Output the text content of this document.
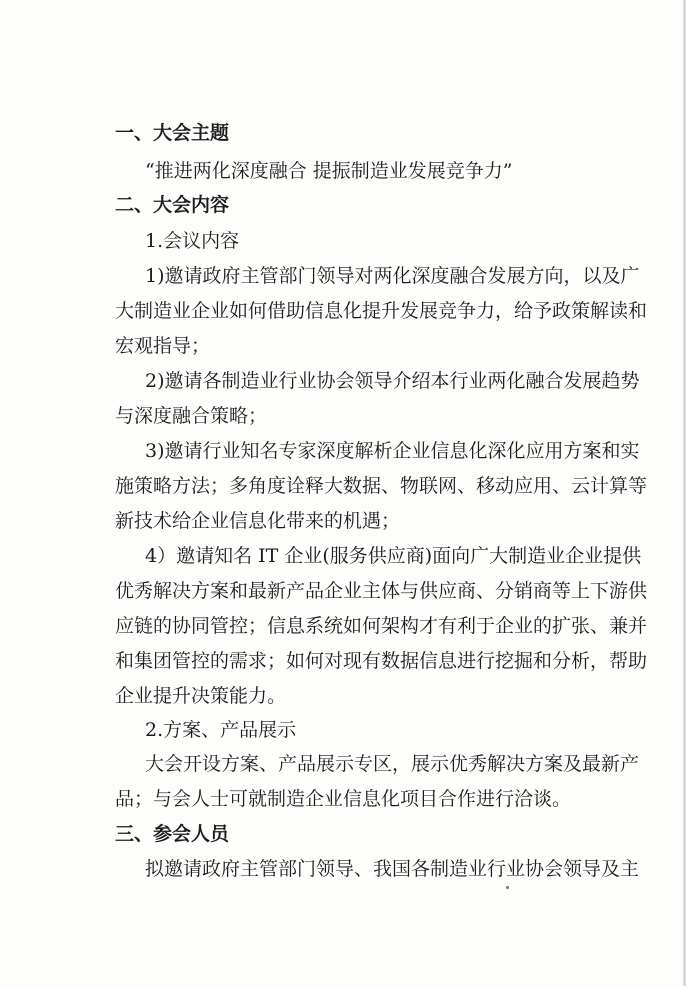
一、大会主题
“推进两化深度融合 提振制造业发展竞争力”
二、大会内容
1.会议内容
1)邀请政府主管部门领导对两化深度融合发展方向，以及广
大制造业企业如何借助信息化提升发展竞争力，给予政策解读和
宏观指导；
2)邀请各制造业行业协会领导介绍本行业两化融合发展趋势
与深度融合策略；
3)邀请行业知名专家深度解析企业信息化深化应用方案和实
施策略方法；多角度诠释大数据、物联网、移动应用、云计算等
新技术给企业信息化带来的机遇；
4）邀请知名 IT 企业(服务供应商)面向广大制造业企业提供
优秀解决方案和最新产品企业主体与供应商、分销商等上下游供
应链的协同管控；信息系统如何架构才有利于企业的扩张、兼并
和集团管控的需求；如何对现有数据信息进行挖掘和分析，帮助
企业提升决策能力。
2.方案、产品展示
大会开设方案、产品展示专区，展示优秀解决方案及最新产
品；与会人士可就制造企业信息化项目合作进行洽谈。
三、参会人员
拟邀请政府主管部门领导、我国各制造业行业协会领导及主
